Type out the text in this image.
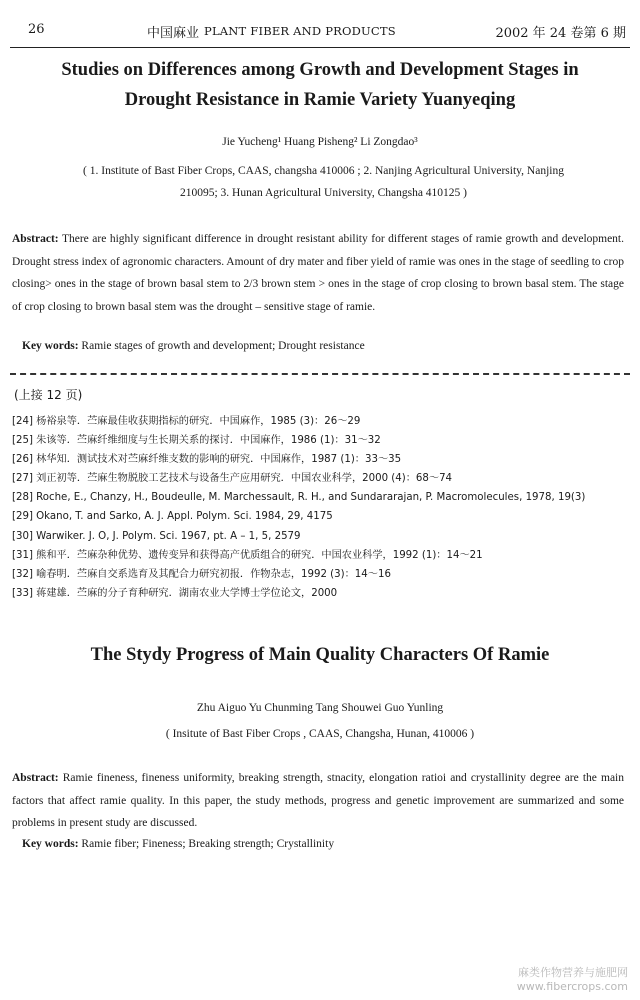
26	中国麻业 PLANT FIBER AND PRODUCTS	2002 年 24 卷第 6 期
Studies on Differences among Growth and Development Stages in
Drought Resistance in Ramie Variety Yuanyeqing
Jie Yucheng¹ Huang Pisheng² Li Zongdao³
( 1. Institute of Bast Fiber Crops, CAAS, changsha 410006 ; 2. Nanjing Agricultural University, Nanjing
210095; 3. Hunan Agricultural University, Changsha 410125 )
Abstract: There are highly significant difference in drought resistant ability for different stages of ramie growth and development. Drought stress index of agronomic characters. Amount of dry mater and fiber yield of ramie was ones in the stage of seedling to crop closing> ones in the stage of brown basal stem to 2/3 brown stem > ones in the stage of crop closing to brown basal stem. The stage of crop closing to brown basal stem was the drought – sensitive stage of ramie.
Key words: Ramie stages of growth and development; Drought resistance
(上接 12 页)
[24] 杨裕泉等．苎麻最佳收获期指标的研究．中国麻作，1985 (3)：26～29
[25] 朱该等．苎麻纤维细度与生长期关系的探讨．中国麻作，1986 (1)：31～32
[26] 林华知．测试技术对苎麻纤维支数的影响的研究．中国麻作，1987 (1)：33～35
[27] 刘正初等．苎麻生物脱胶工艺技术与设备生产应用研究．中国农业科学，2000 (4)：68～74
[28] Roche, E., Chanzy, H., Boudeulle, M. Marchessault, R. H., and Sundararajan, P. Macromolecules, 1978, 19(3)
[29] Okano, T. and Sarko, A. J. Appl. Polym. Sci. 1984, 29, 4175
[30] Warwiker. J. O, J. Polym. Sci. 1967, pt. A – 1, 5, 2579
[31] 熊和平．苎麻杂种优势、遗传变异和获得高产优质组合的研究．中国农业科学，1992 (1)：14～21
[32] 喻春明．苎麻自交系选育及其配合力研究初报．作物杂志，1992 (3)：14～16
[33] 蒋建雄．苎麻的分子育种研究．湖南农业大学博士学位论文，2000
The Stydy Progress of Main Quality Characters Of Ramie
Zhu Aiguo Yu Chunming Tang Shouwei Guo Yunling
( Insitute of Bast Fiber Crops , CAAS, Changsha, Hunan, 410006 )
Abstract: Ramie fineness, fineness uniformity, breaking strength, stnacity, elongation ratioi and crystallinity degree are the main factors that affect ramie quality. In this paper, the study methods, progress and genetic improvement are summarized and some problems in present study are discussed.
Key words: Ramie fiber; Fineness; Breaking strength; Crystallinity
麻类作物营养与施肥网
www.fibercrops.com
